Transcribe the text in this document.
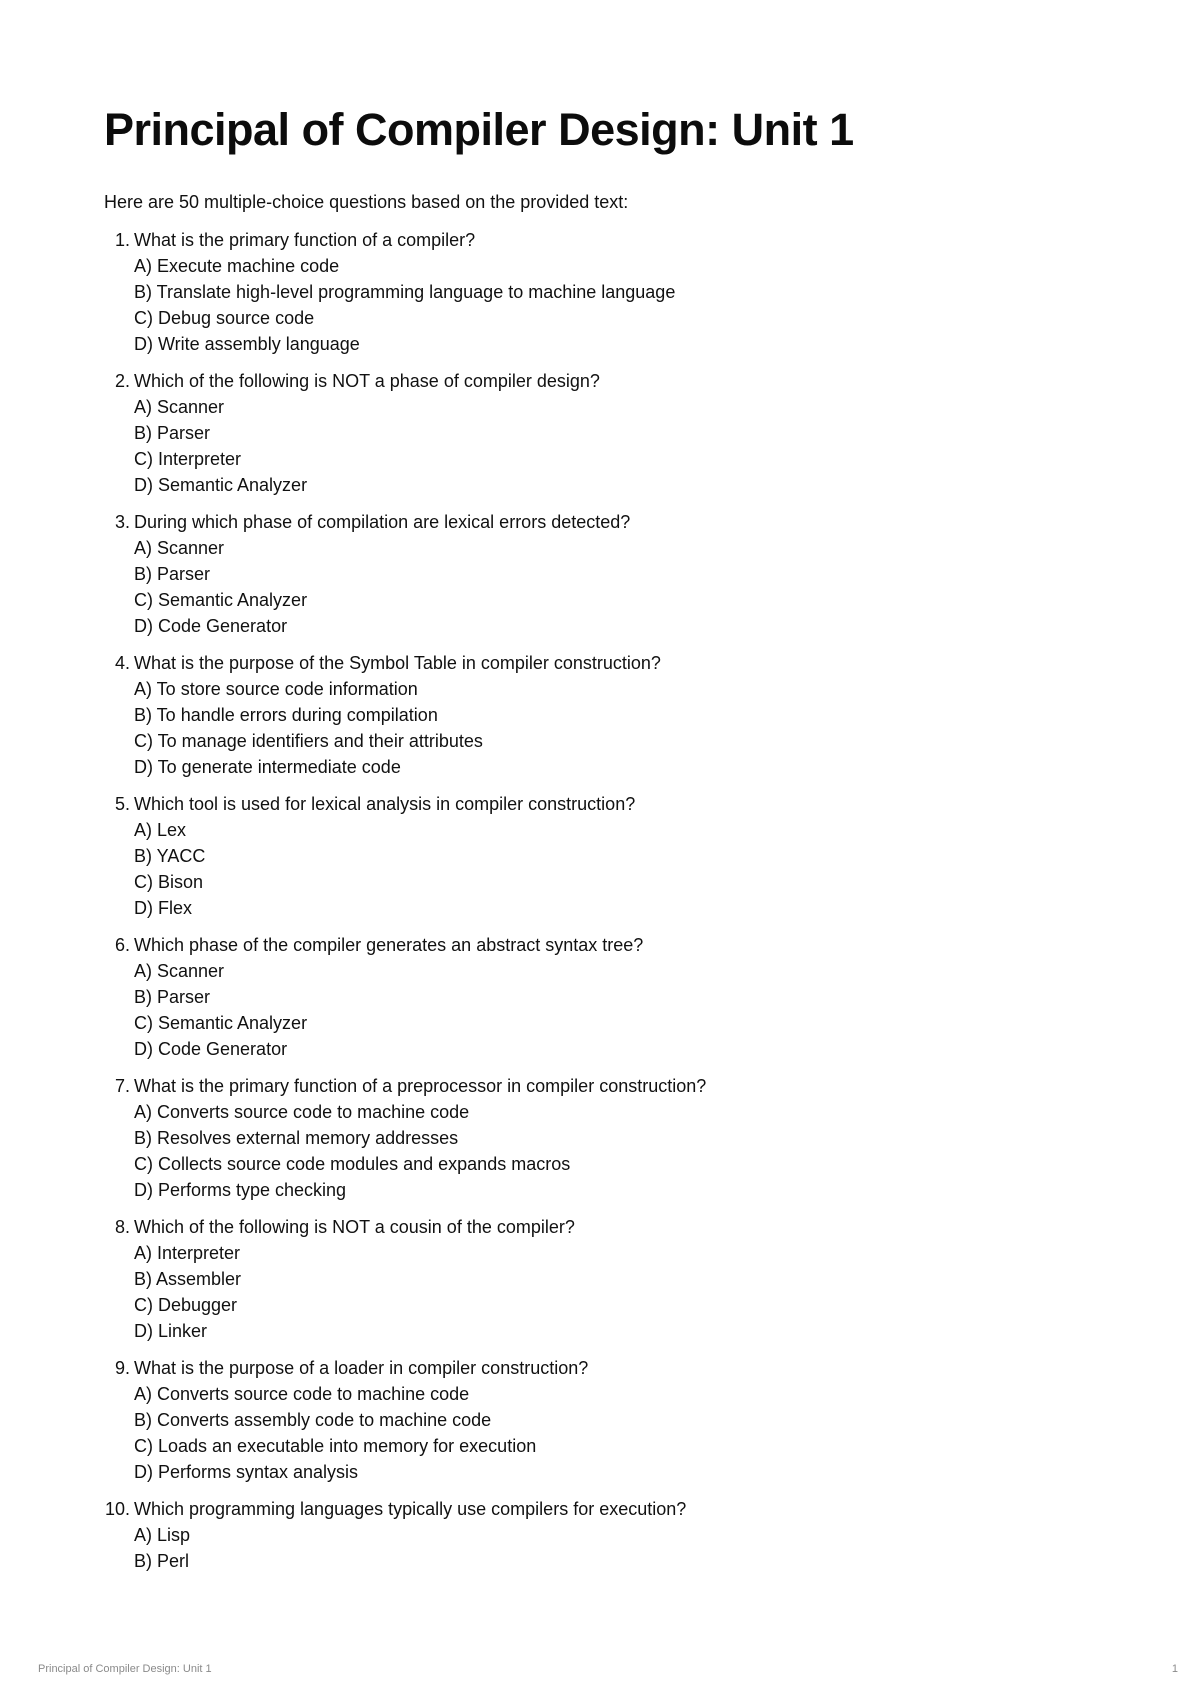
Principal of Compiler Design: Unit 1

Here are 50 multiple-choice questions based on the provided text:

1. What is the primary function of a compiler?
A) Execute machine code
B) Translate high-level programming language to machine language
C) Debug source code
D) Write assembly language
2. Which of the following is NOT a phase of compiler design?
A) Scanner
B) Parser
C) Interpreter
D) Semantic Analyzer
3. During which phase of compilation are lexical errors detected?
A) Scanner
B) Parser
C) Semantic Analyzer
D) Code Generator
4. What is the purpose of the Symbol Table in compiler construction?
A) To store source code information
B) To handle errors during compilation
C) To manage identifiers and their attributes
D) To generate intermediate code
5. Which tool is used for lexical analysis in compiler construction?
A) Lex
B) YACC
C) Bison
D) Flex
6. Which phase of the compiler generates an abstract syntax tree?
A) Scanner
B) Parser
C) Semantic Analyzer
D) Code Generator
7. What is the primary function of a preprocessor in compiler construction?
A) Converts source code to machine code
B) Resolves external memory addresses
C) Collects source code modules and expands macros
D) Performs type checking
8. Which of the following is NOT a cousin of the compiler?
A) Interpreter
B) Assembler
C) Debugger
D) Linker
9. What is the purpose of a loader in compiler construction?
A) Converts source code to machine code
B) Converts assembly code to machine code
C) Loads an executable into memory for execution
D) Performs syntax analysis
10. Which programming languages typically use compilers for execution?
A) Lisp
B) Perl
Principal of Compiler Design: Unit 1	1
